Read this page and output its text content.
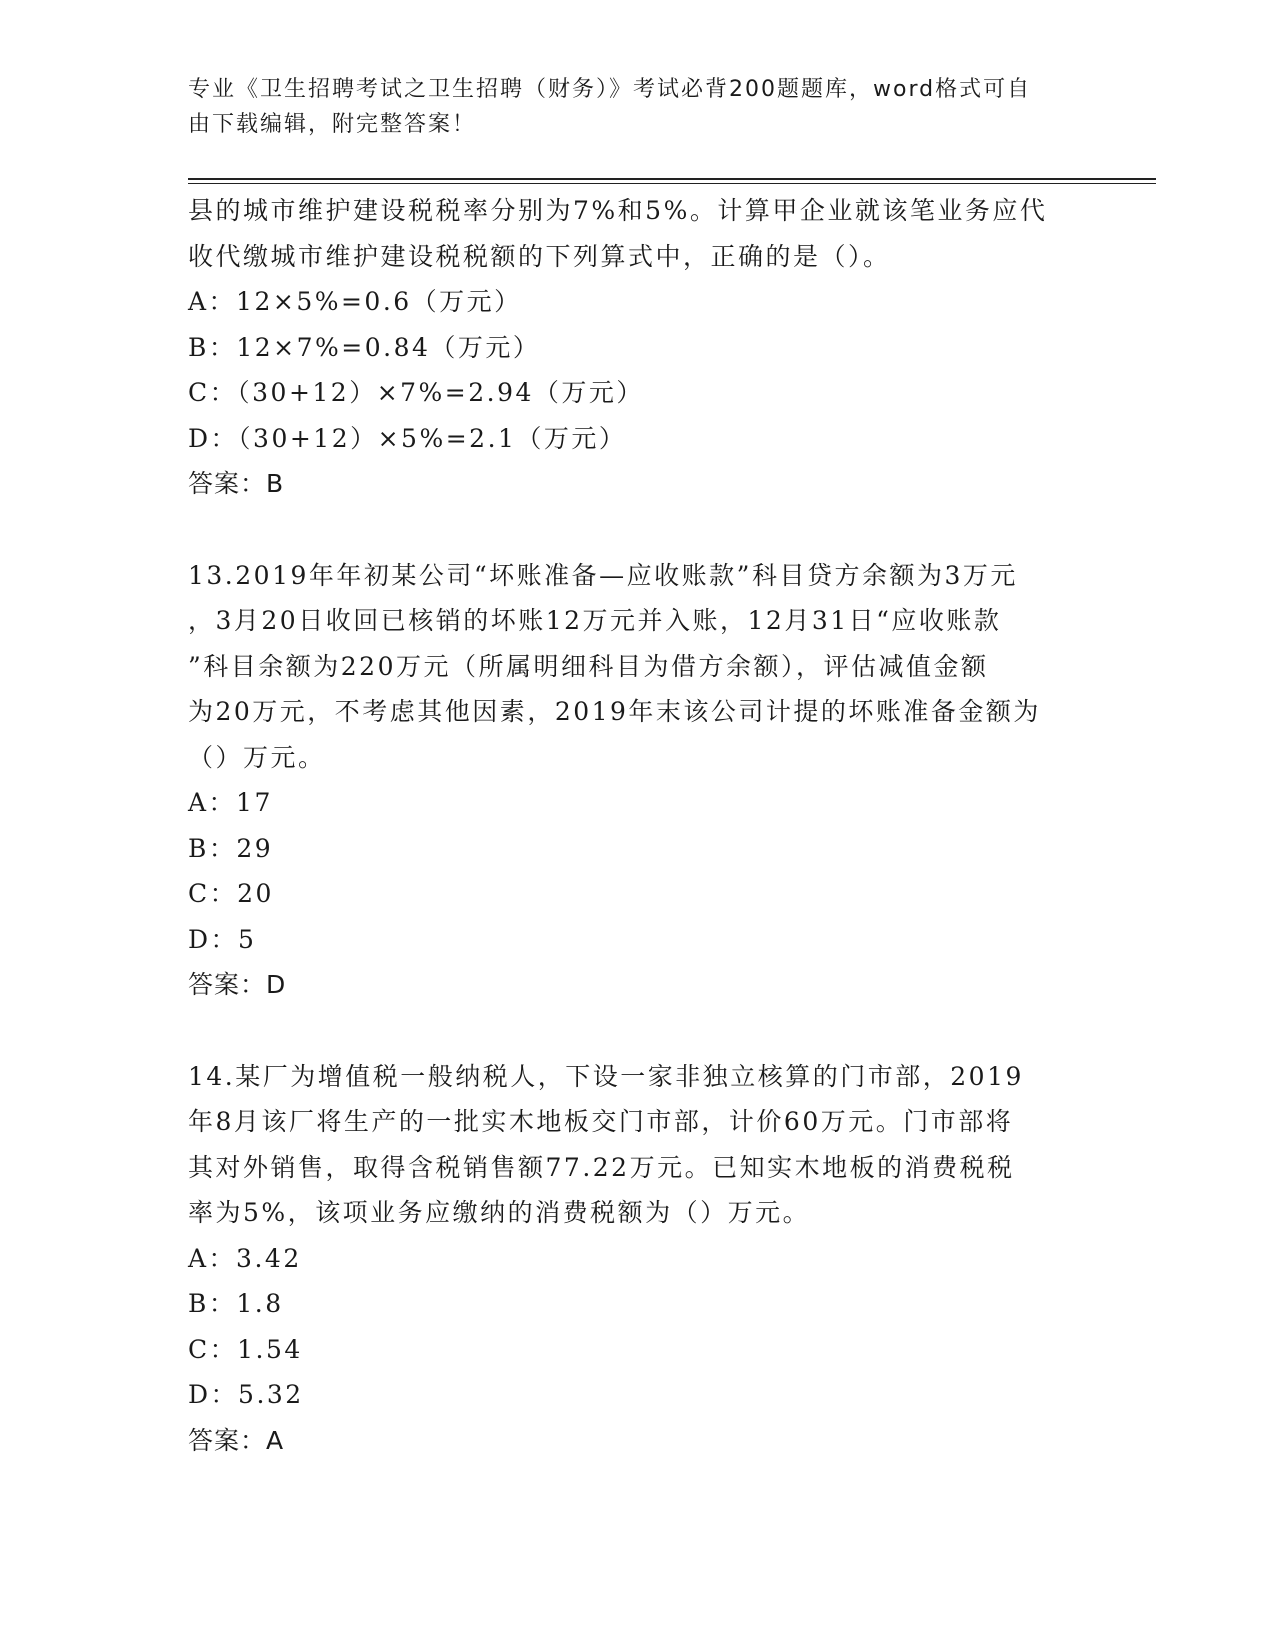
专业《卫生招聘考试之卫生招聘（财务）》考试必背200题题库，word格式可自
由下载编辑，附完整答案！
县的城市维护建设税税率分别为7%和5%。计算甲企业就该笔业务应代
收代缴城市维护建设税税额的下列算式中，正确的是（）。
A：12×5%=0.6（万元）
B：12×7%=0.84（万元）
C：（30+12）×7%=2.94（万元）
D：（30+12）×5%=2.1（万元）
答案：B
13.2019年年初某公司“坏账准备—应收账款”科目贷方余额为3万元
，3月20日收回已核销的坏账12万元并入账，12月31日“应收账款
”科目余额为220万元（所属明细科目为借方余额），评估减值金额
为20万元，不考虑其他因素，2019年末该公司计提的坏账准备金额为
（）万元。
A：17
B：29
C：20
D：5
答案：D
14.某厂为增值税一般纳税人，下设一家非独立核算的门市部，2019
年8月该厂将生产的一批实木地板交门市部，计价60万元。门市部将
其对外销售，取得含税销售额77.22万元。已知实木地板的消费税税
率为5%，该项业务应缴纳的消费税额为（）万元。
A：3.42
B：1.8
C：1.54
D：5.32
答案：A
